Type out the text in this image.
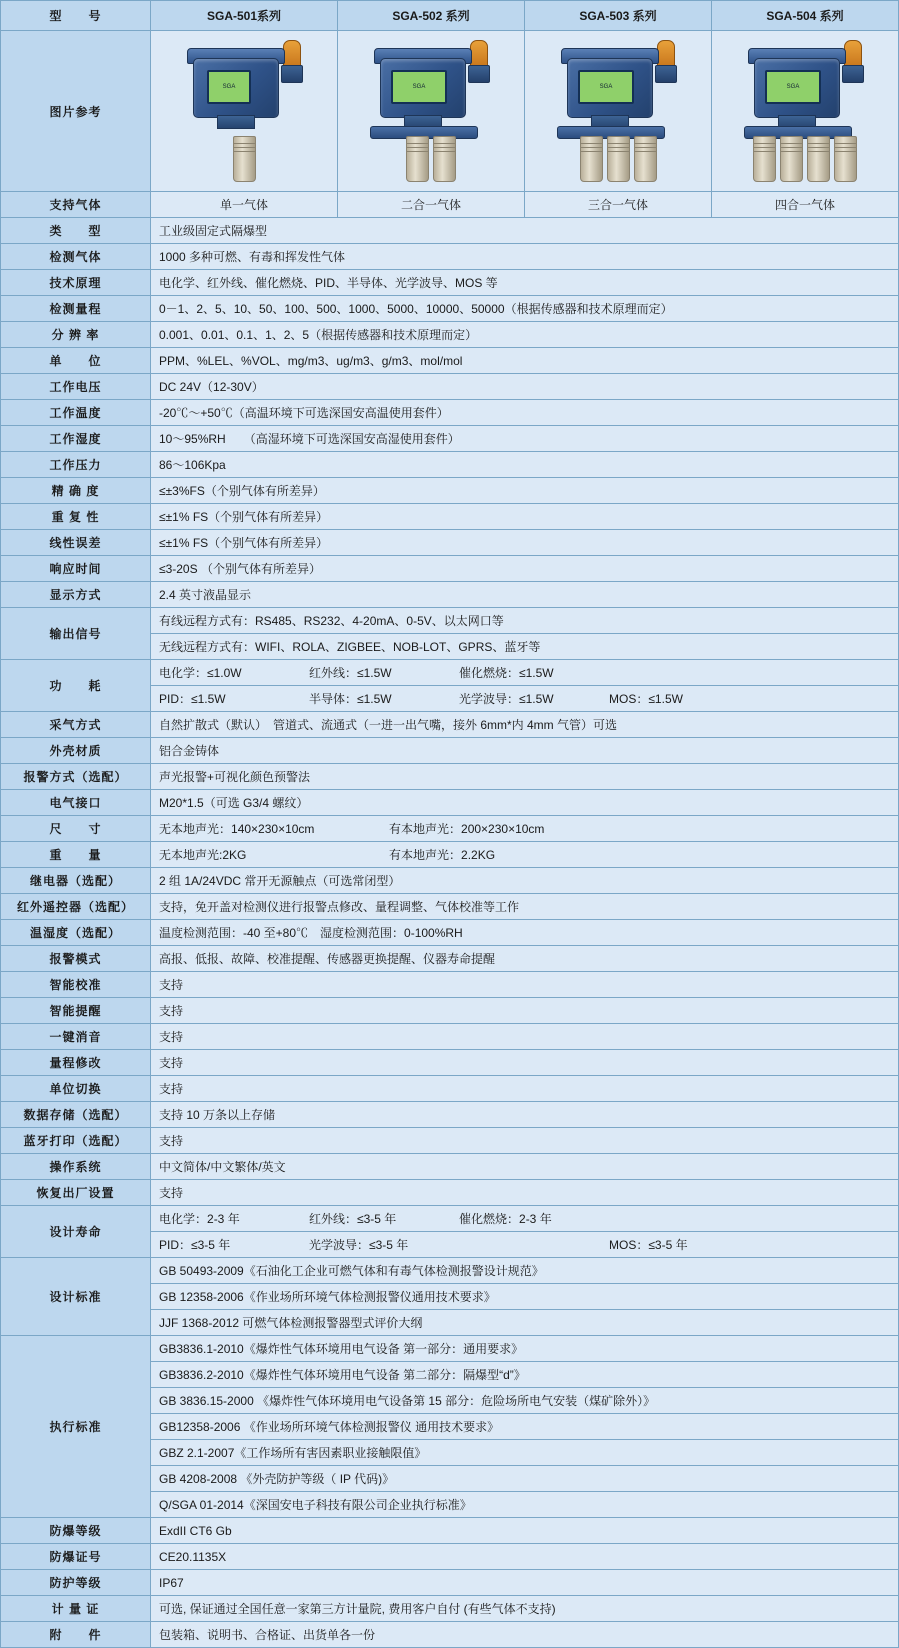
型　　号	SGA-501系列	SGA-502 系列	SGA-503 系列	SGA-504 系列
图片参考	SGA	SGA	SGA	SGA

支持气体	单一气体	二合一气体	三合一气体	四合一气体
类　　型	工业级固定式隔爆型			
检测气体	1000 多种可燃、有毒和挥发性气体			
技术原理	电化学、红外线、催化燃烧、PID、半导体、光学波导、MOS 等			
检测量程	0－1、2、5、10、50、100、500、1000、5000、10000、50000（根据传感器和技术原理而定）			
分 辨 率	0.001、0.01、0.1、1、2、5（根据传感器和技术原理而定）			
单　　位	PPM、%LEL、%VOL、mg/m3、ug/m3、g/m3、mol/mol			
工作电压	DC 24V（12-30V）			
工作温度	-20℃～+50℃（高温环境下可选深国安高温使用套件）			
工作湿度	10～95%RH　　（高湿环境下可选深国安高湿使用套件）			
工作压力	86～106Kpa			
精 确 度	≤±3%FS（个别气体有所差异）			
重 复 性	≤±1% FS（个别气体有所差异）			
线性误差	≤±1% FS（个别气体有所差异）			
响应时间	≤3-20S （个别气体有所差异）			
显示方式	2.4 英寸液晶显示			
输出信号	有线远程方式有：RS485、RS232、4-20mA、0-5V、以太网口等			
	无线远程方式有：WIFI、ROLA、ZIGBEE、NOB-LOT、GPRS、蓝牙等			
功　　耗	电化学：≤1.0W 红外线：≤1.5W 催化燃烧：≤1.5W			

	PID：≤1.5W 半导体：≤1.5W 光学波导：≤1.5W MOS：≤1.5W			

采气方式	自然扩散式（默认）　管道式、流通式（一进一出气嘴，接外 6mm*内 4mm 气管）可选			
外壳材质	铝合金铸体			
报警方式（选配）	声光报警+可视化颜色预警法			
电气接口	M20*1.5（可选 G3/4 螺纹）			
尺　　寸	无本地声光：140×230×10cm 有本地声光：200×230×10cm			

重　　量	无本地声光:2KG 有本地声光：2.2KG			

继电器（选配）	2 组 1A/24VDC 常开无源触点（可选常闭型）			
红外遥控器（选配）	支持，免开盖对检测仪进行报警点修改、量程调整、气体校准等工作			
温湿度（选配）	温度检测范围：-40 至+80℃　湿度检测范围：0-100%RH			
报警模式	高报、低报、故障、校准提醒、传感器更换提醒、仪器寿命提醒			
智能校准	支持			
智能提醒	支持			
一键消音	支持			
量程修改	支持			
单位切换	支持			
数据存储（选配）	支持 10 万条以上存储			
蓝牙打印（选配）	支持			
操作系统	中文简体/中文繁体/英文			
恢复出厂设置	支持			
设计寿命	电化学：2-3 年 红外线：≤3-5 年 催化燃烧：2-3 年			

	PID：≤3-5 年 光学波导：≤3-5 年 MOS：≤3-5 年			

设计标准	GB 50493-2009《石油化工企业可燃气体和有毒气体检测报警设计规范》			
	GB 12358-2006《作业场所环境气体检测报警仪通用技术要求》			
	JJF 1368-2012 可燃气体检测报警器型式评价大纲			
执行标准	GB3836.1-2010《爆炸性气体环境用电气设备 第一部分：通用要求》			
	GB3836.2-2010《爆炸性气体环境用电气设备 第二部分：隔爆型“d”》			
	GB 3836.15-2000 《爆炸性气体环境用电气设备第 15 部分：危险场所电气安装（煤矿除外）》			
	GB12358-2006 《作业场所环境气体检测报警仪 通用技术要求》			
	GBZ 2.1-2007《工作场所有害因素职业接触限值》			
	GB 4208-2008 《外壳防护等级（ IP 代码)》			
	Q/SGA 01-2014《深国安电子科技有限公司企业执行标准》			
防爆等级	ExdII CT6 Gb			
防爆证号	CE20.1135X			
防护等级	IP67			
计 量 证	可选, 保证通过全国任意一家第三方计量院, 费用客户自付 (有些气体不支持)			
附　　件	包装箱、说明书、合格证、出货单各一份			
